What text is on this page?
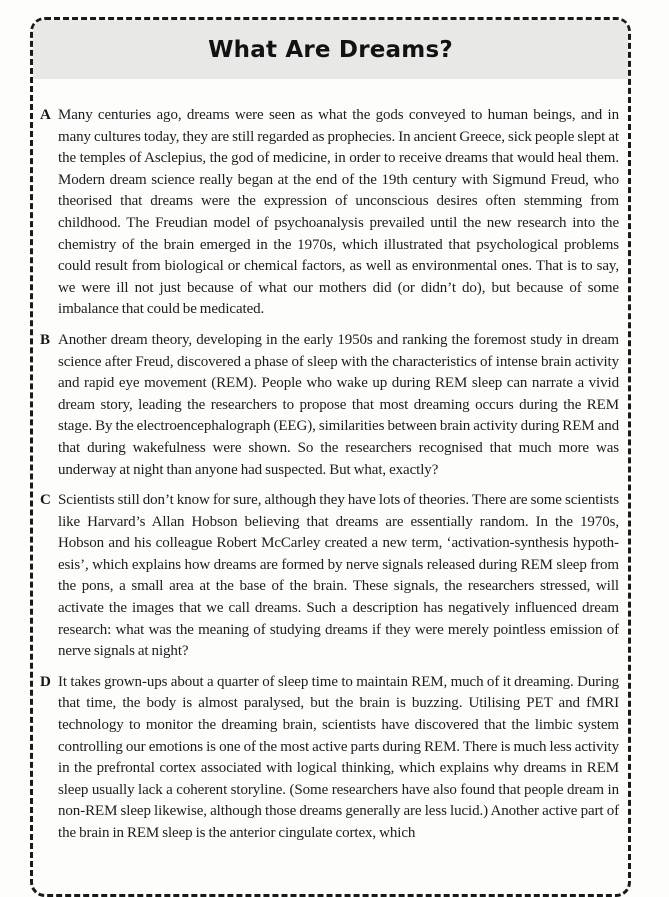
What Are Dreams?
A Many centuries ago, dreams were seen as what the gods conveyed to human beings, and in many cultures today, they are still regarded as prophecies. In ancient Greece, sick people slept at the temples of Asclepius, the god of medicine, in order to receive dreams that would heal them. Modern dream science really began at the end of the 19th century with Sigmund Freud, who theorised that dreams were the expression of unconscious desires often stemming from childhood. The Freudian model of psychoanalysis prevailed until the new research into the chemistry of the brain emerged in the 1970s, which illustrated that psychological problems could result from biological or chemical factors, as well as environmental ones. That is to say, we were ill not just because of what our mothers did (or didn’t do), but because of some imbalance that could be medicated.

B Another dream theory, developing in the early 1950s and ranking the foremost study in dream science after Freud, discovered a phase of sleep with the characteristics of intense brain activity and rapid eye movement (REM). People who wake up during REM sleep can narrate a vivid dream story, leading the researchers to propose that most dreaming occurs during the REM stage. By the electroencephalograph (EEG), similarities between brain activity during REM and that during wakefulness were shown. So the researchers recognised that much more was underway at night than anyone had suspected. But what, exactly?

C Scientists still don’t know for sure, although they have lots of theories. There are some scientists like Harvard’s Allan Hobson believing that dreams are essentially random. In the 1970s, Hobson and his colleague Robert McCarley created a new term, ‘activation-synthesis hypothesis’, which explains how dreams are formed by nerve signals released during REM sleep from the pons, a small area at the base of the brain. These signals, the researchers stressed, will activate the images that we call dreams. Such a description has negatively influenced dream research: what was the meaning of studying dreams if they were merely pointless emission of nerve signals at night?

D It takes grown-ups about a quarter of sleep time to maintain REM, much of it dreaming. During that time, the body is almost paralysed, but the brain is buzzing. Utilising PET and fMRI technology to monitor the dreaming brain, scientists have discovered that the limbic system controlling our emotions is one of the most active parts during REM. There is much less activity in the prefrontal cortex associated with logical thinking, which explains why dreams in REM sleep usually lack a coherent storyline. (Some researchers have also found that people dream in non-REM sleep likewise, although those dreams generally are less lucid.) Another active part of the brain in REM sleep is the anterior cingulate cortex, which
